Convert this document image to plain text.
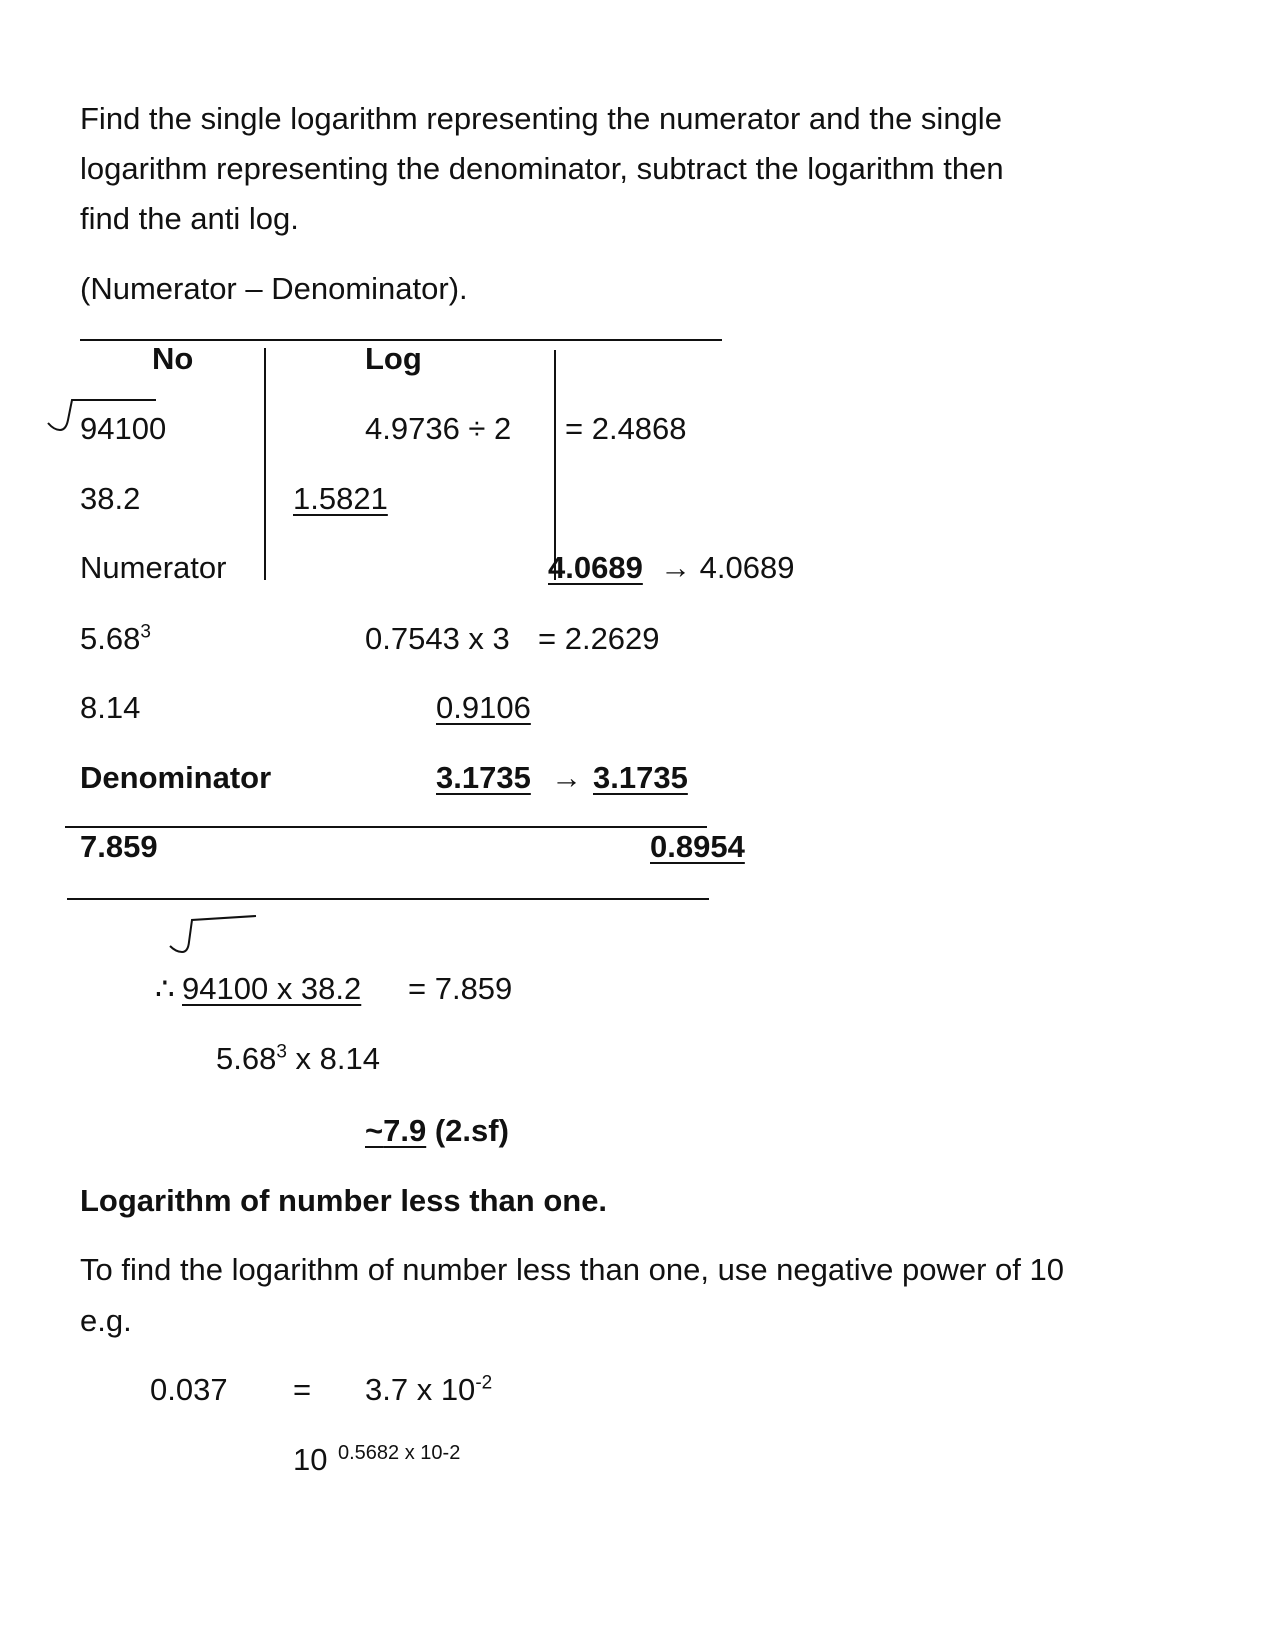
Find the single logarithm representing the numerator and the single
logarithm representing the denominator, subtract the logarithm then
find the anti log.
(Numerator – Denominator).
No	Log
94100	4.9736 ÷ 2 = 2.4868
38.2	1.5821
Numerator	4.0689 → 4.0689
5.68$^3$	0.7543 x 3 = 2.2629
8.14	0.9106
Denominator	3.1735 → 3.1735
7.859	0.8954
∴ 94100 x 38.2 = 7.859
5.68$^3$ x 8.14
~7.9 (2.sf)
Logarithm of number less than one.
To find the logarithm of number less than one, use negative power of 10
e.g.
0.037 = 3.7 x $10^{-2}$
10 0.5682 x 10-2
